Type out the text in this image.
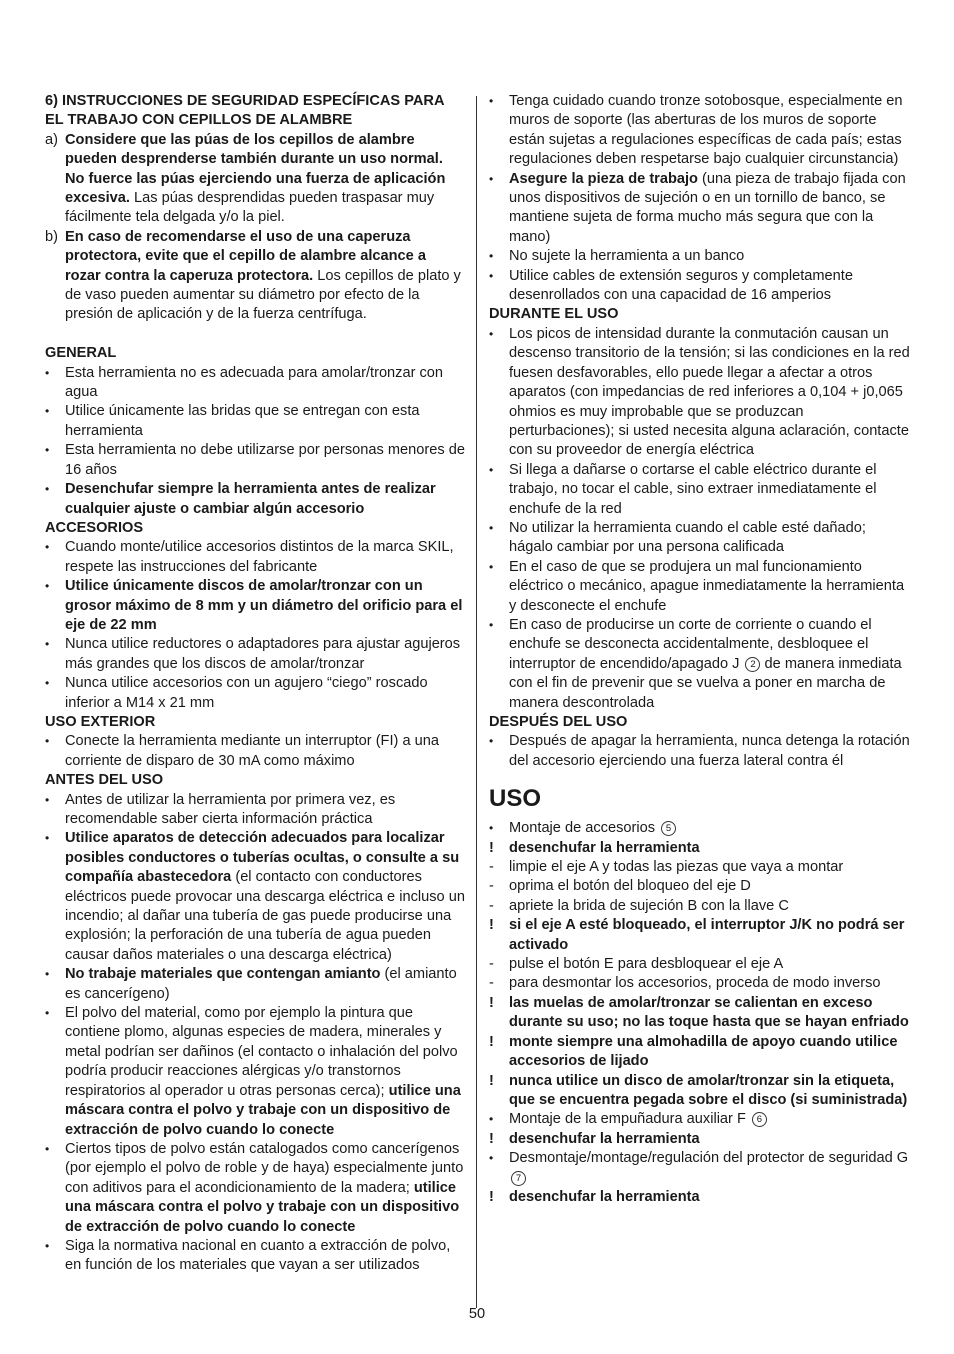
6) INSTRUCCIONES DE SEGURIDAD ESPECÍFICAS PARA EL TRABAJO CON CEPILLOS DE ALAMBRE
a) Considere que las púas de los cepillos de alambre pueden desprenderse también durante un uso normal. No fuerce las púas ejerciendo una fuerza de aplicación excesiva. Las púas desprendidas pueden traspasar muy fácilmente tela delgada y/o la piel.
b) En caso de recomendarse el uso de una caperuza protectora, evite que el cepillo de alambre alcance a rozar contra la caperuza protectora. Los cepillos de plato y de vaso pueden aumentar su diámetro por efecto de la presión de aplicación y de la fuerza centrífuga.
GENERAL
•	Esta herramienta no es adecuada para amolar/tronzar con agua
•	Utilice únicamente las bridas que se entregan con esta herramienta
•	Esta herramienta no debe utilizarse por personas menores de 16 años
•	Desenchufar siempre la herramienta antes de realizar cualquier ajuste o cambiar algún accesorio
ACCESORIOS
•	Cuando monte/utilice accesorios distintos de la marca SKIL, respete las instrucciones del fabricante
•	Utilice únicamente discos de amolar/tronzar con un grosor máximo de 8 mm y un diámetro del orificio para el eje de 22 mm
•	Nunca utilice reductores o adaptadores para ajustar agujeros más grandes que los discos de amolar/tronzar
•	Nunca utilice accesorios con un agujero “ciego” roscado inferior a M14 x 21 mm
USO EXTERIOR
•	Conecte la herramienta mediante un interruptor (FI) a una corriente de disparo de 30 mA como máximo
ANTES DEL USO
•	Antes de utilizar la herramienta por primera vez, es recomendable saber cierta información práctica
•	Utilice aparatos de detección adecuados para localizar posibles conductores o tuberías ocultas, o consulte a su compañía abastecedora (el contacto con conductores eléctricos puede provocar una descarga eléctrica e incluso un incendio; al dañar una tubería de gas puede producirse una explosión; la perforación de una tubería de agua pueden causar daños materiales o una descarga eléctrica)
•	No trabaje materiales que contengan amianto (el amianto es cancerígeno)
•	El polvo del material, como por ejemplo la pintura que contiene plomo, algunas especies de madera, minerales y metal podrían ser dañinos (el contacto o inhalación del polvo podría producir reacciones alérgicas y/o transtornos respiratorios al operador u otras personas cerca); utilice una máscara contra el polvo y trabaje con un dispositivo de extracción de polvo cuando lo conecte
•	Ciertos tipos de polvo están catalogados como cancerígenos (por ejemplo el polvo de roble y de haya) especialmente junto con aditivos para el acondicionamiento de la madera; utilice una máscara contra el polvo y trabaje con un dispositivo de extracción de polvo cuando lo conecte
•	Siga la normativa nacional en cuanto a extracción de polvo, en función de los materiales que vayan a ser utilizados
•	Tenga cuidado cuando tronze sotobosque, especialmente en muros de soporte (las aberturas de los muros de soporte están sujetas a regulaciones específicas de cada país; estas regulaciones deben respetarse bajo cualquier circunstancia)
•	Asegure la pieza de trabajo (una pieza de trabajo fijada con unos dispositivos de sujeción o en un tornillo de banco, se mantiene sujeta de forma mucho más segura que con la mano)
•	No sujete la herramienta a un banco
•	Utilice cables de extensión seguros y completamente desenrollados con una capacidad de 16 amperios
DURANTE EL USO
•	Los picos de intensidad durante la conmutación causan un descenso transitorio de la tensión; si las condiciones en la red fuesen desfavorables, ello puede llegar a afectar a otros aparatos (con impedancias de red inferiores a 0,104 + j0,065 ohmios es muy improbable que se produzcan perturbaciones); si usted necesita alguna aclaración, contacte con su proveedor de energía eléctrica
•	Si llega a dañarse o cortarse el cable eléctrico durante el trabajo, no tocar el cable, sino extraer inmediatamente el enchufe de la red
•	No utilizar la herramienta cuando el cable esté dañado; hágalo cambiar por una persona calificada
•	En el caso de que se produjera un mal funcionamiento eléctrico o mecánico, apague inmediatamente la herramienta y desconecte el enchufe
•	En caso de producirse un corte de corriente o cuando el enchufe se desconecta accidentalmente, desbloquee el interruptor de encendido/apagado J 2 de manera inmediata con el fin de prevenir que se vuelva a poner en marcha de manera descontrolada
DESPUÉS DEL USO
•	Después de apagar la herramienta, nunca detenga la rotación del accesorio ejerciendo una fuerza lateral contra él
USO
•	Montaje de accesorios 5
!	desenchufar la herramienta
-	limpie el eje A y todas las piezas que vaya a montar
-	oprima el botón del bloqueo del eje D
-	apriete la brida de sujeción B con la llave C
!	si el eje A esté bloqueado, el interruptor J/K no podrá ser activado
-	pulse el botón E para desbloquear el eje A
-	para desmontar los accesorios, proceda de modo inverso
!	las muelas de amolar/tronzar se calientan en exceso durante su uso; no las toque hasta que se hayan enfriado
!	monte siempre una almohadilla de apoyo cuando utilice accesorios de lijado
!	nunca utilice un disco de amolar/tronzar sin la etiqueta, que se encuentra pegada sobre el disco (si suministrada)
•	Montaje de la empuñadura auxiliar F 6
!	desenchufar la herramienta
•	Desmontaje/montage/regulación del protector de seguridad G 7
!	desenchufar la herramienta
50
